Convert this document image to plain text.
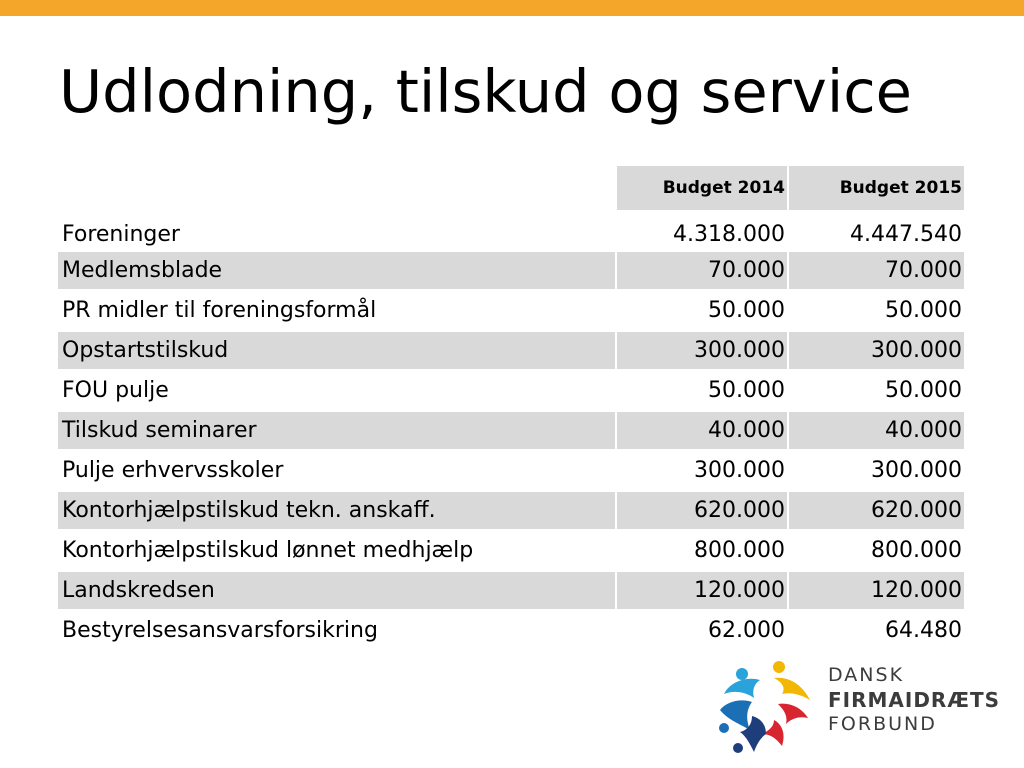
Udlodning, tilskud og service
	Budget 2014	Budget 2015
Foreninger	4.318.000	4.447.540
Medlemsblade	70.000	70.000
PR midler til foreningsformål	50.000	50.000
Opstartstilskud	300.000	300.000
FOU pulje	50.000	50.000
Tilskud seminarer	40.000	40.000
Pulje erhvervsskoler	300.000	300.000
Kontorhjælpstilskud tekn. anskaff.	620.000	620.000
Kontorhjælpstilskud lønnet medhjælp	800.000	800.000
Landskredsen	120.000	120.000
Bestyrelsesansvarsforsikring	62.000	64.480
DANSK
FIRMAIDRÆTS
FORBUND
